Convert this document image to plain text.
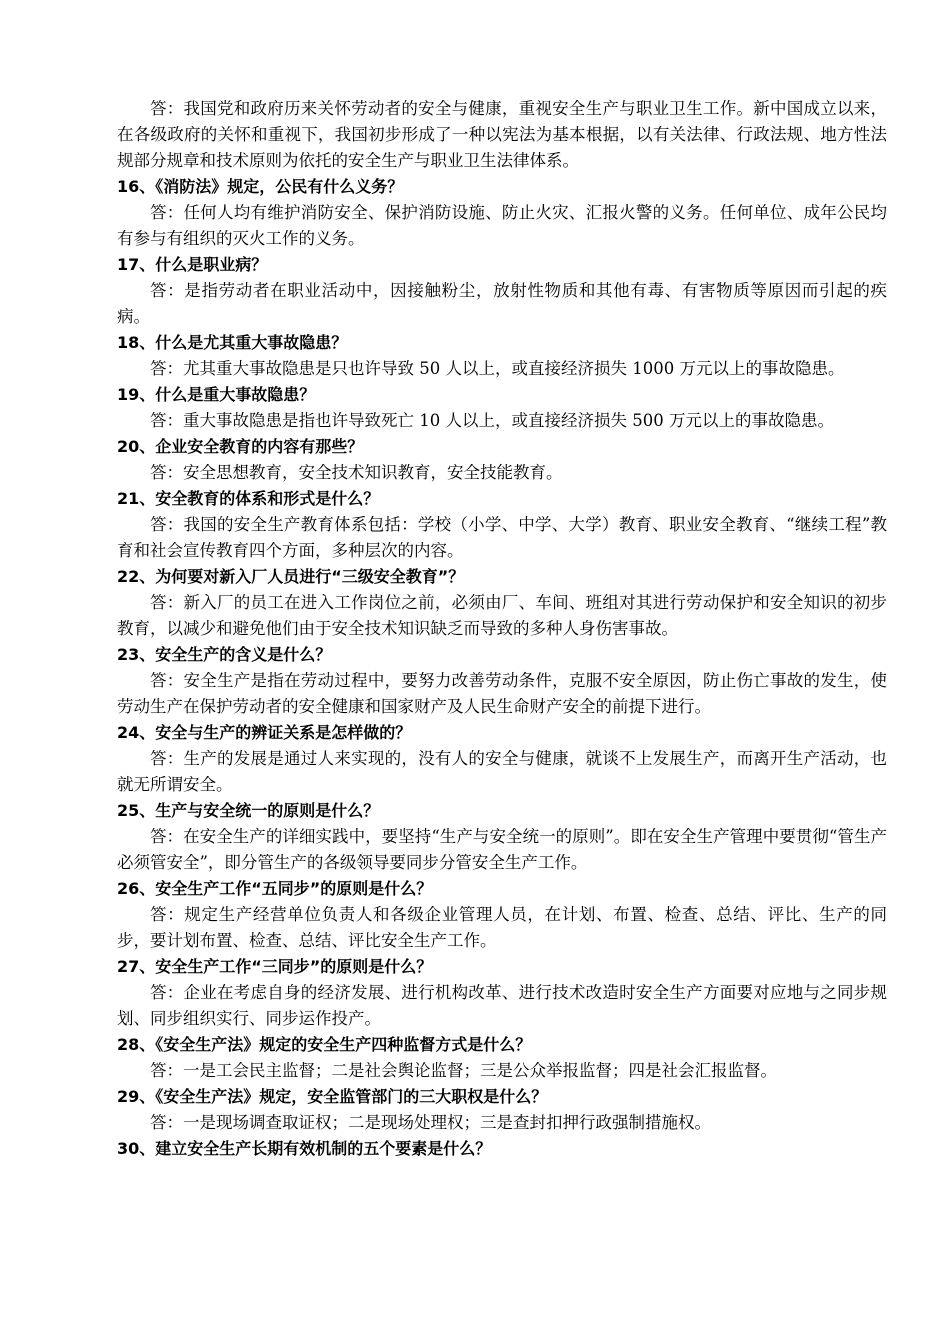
答：我国党和政府历来关怀劳动者的安全与健康，重视安全生产与职业卫生工作。新中国成立以来，在各级政府的关怀和重视下，我国初步形成了一种以宪法为基本根据，以有关法律、行政法规、地方性法规部分规章和技术原则为依托的安全生产与职业卫生法律体系。

16、《消防法》规定，公民有什么义务？

答：任何人均有维护消防安全、保护消防设施、防止火灾、汇报火警的义务。任何单位、成年公民均有参与有组织的灭火工作的义务。

17、什么是职业病？

答：是指劳动者在职业活动中，因接触粉尘，放射性物质和其他有毒、有害物质等原因而引起的疾病。

18、什么是尤其重大事故隐患？

答：尤其重大事故隐患是只也许导致 50 人以上，或直接经济损失 1000 万元以上的事故隐患。

19、什么是重大事故隐患？

答：重大事故隐患是指也许导致死亡 10 人以上，或直接经济损失 500 万元以上的事故隐患。

20、企业安全教育的内容有那些？

答：安全思想教育，安全技术知识教育，安全技能教育。

21、安全教育的体系和形式是什么？

答：我国的安全生产教育体系包括：学校（小学、中学、大学）教育、职业安全教育、“继续工程”教育和社会宣传教育四个方面，多种层次的内容。

22、为何要对新入厂人员进行“三级安全教育”？

答：新入厂的员工在进入工作岗位之前，必须由厂、车间、班组对其进行劳动保护和安全知识的初步教育，以减少和避免他们由于安全技术知识缺乏而导致的多种人身伤害事故。

23、安全生产的含义是什么？

答：安全生产是指在劳动过程中，要努力改善劳动条件，克服不安全原因，防止伤亡事故的发生，使劳动生产在保护劳动者的安全健康和国家财产及人民生命财产安全的前提下进行。

24、安全与生产的辨证关系是怎样做的？

答：生产的发展是通过人来实现的，没有人的安全与健康，就谈不上发展生产，而离开生产活动，也就无所谓安全。

25、生产与安全统一的原则是什么？

答：在安全生产的详细实践中，要坚持“生产与安全统一的原则”。即在安全生产管理中要贯彻“管生产必须管安全”，即分管生产的各级领导要同步分管安全生产工作。

26、安全生产工作“五同步”的原则是什么？

答：规定生产经营单位负责人和各级企业管理人员，在计划、布置、检查、总结、评比、生产的同步，要计划布置、检查、总结、评比安全生产工作。

27、安全生产工作“三同步”的原则是什么？

答：企业在考虑自身的经济发展、进行机构改革、进行技术改造时安全生产方面要对应地与之同步规划、同步组织实行、同步运作投产。

28、《安全生产法》规定的安全生产四种监督方式是什么？

答：一是工会民主监督；二是社会舆论监督；三是公众举报监督；四是社会汇报监督。

29、《安全生产法》规定，安全监管部门的三大职权是什么？

答：一是现场调查取证权；二是现场处理权；三是查封扣押行政强制措施权。

30、建立安全生产长期有效机制的五个要素是什么？
